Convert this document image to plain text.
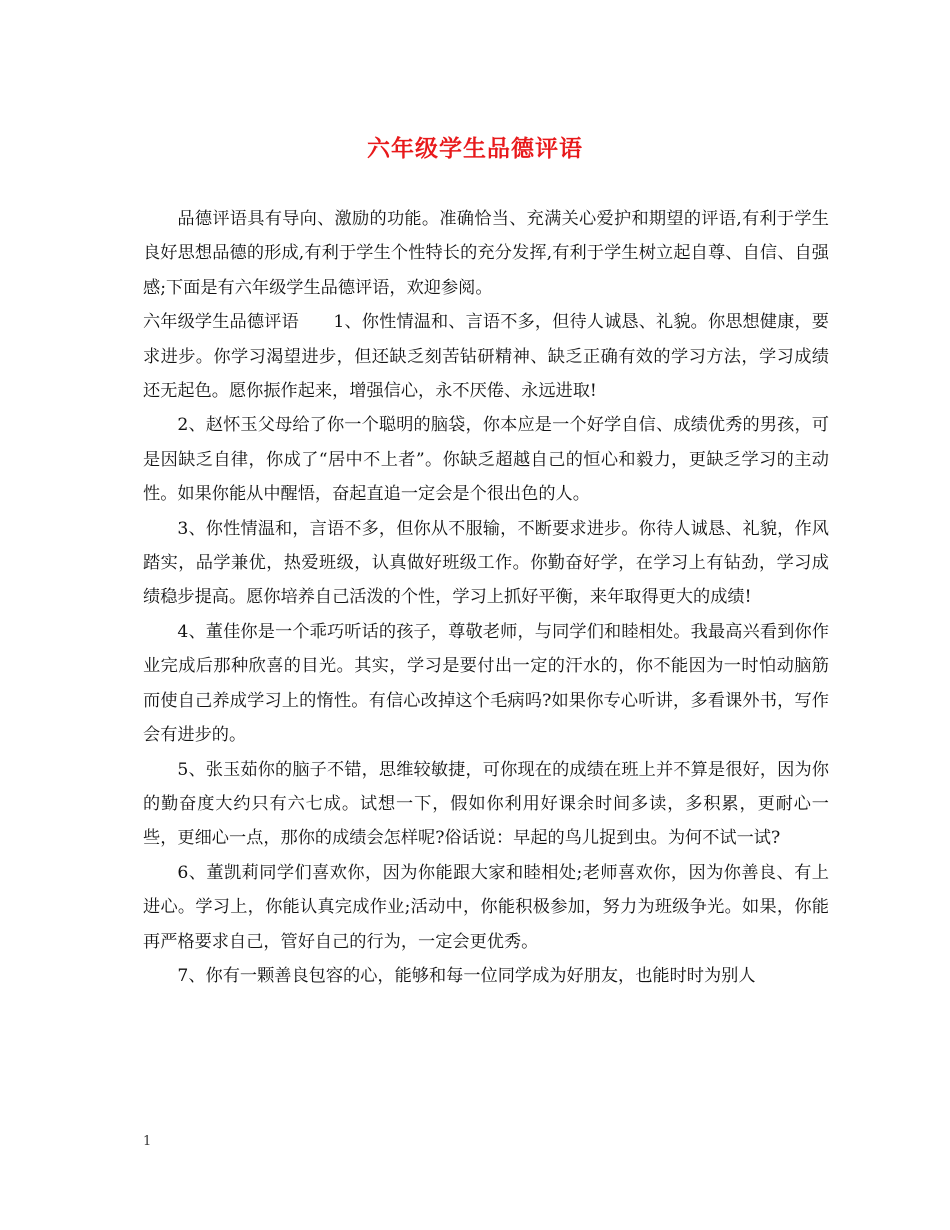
六年级学生品德评语

品德评语具有导向、激励的功能。准确恰当、充满关心爱护和期望的评语,有利于学生良好思想品德的形成,有利于学生个性特长的充分发挥,有利于学生树立起自尊、自信、自强感;下面是有六年级学生品德评语，欢迎参阅。

六年级学生品德评语　　1、你性情温和、言语不多，但待人诚恳、礼貌。你思想健康，要求进步。你学习渴望进步，但还缺乏刻苦钻研精神、缺乏正确有效的学习方法，学习成绩还无起色。愿你振作起来，增强信心，永不厌倦、永远进取!

2、赵怀玉父母给了你一个聪明的脑袋，你本应是一个好学自信、成绩优秀的男孩，可是因缺乏自律，你成了“居中不上者”。你缺乏超越自己的恒心和毅力，更缺乏学习的主动性。如果你能从中醒悟，奋起直追一定会是个很出色的人。

3、你性情温和，言语不多，但你从不服输，不断要求进步。你待人诚恳、礼貌，作风踏实，品学兼优，热爱班级，认真做好班级工作。你勤奋好学，在学习上有钻劲，学习成绩稳步提高。愿你培养自己活泼的个性，学习上抓好平衡，来年取得更大的成绩!

4、董佳你是一个乖巧听话的孩子，尊敬老师，与同学们和睦相处。我最高兴看到你作业完成后那种欣喜的目光。其实，学习是要付出一定的汗水的，你不能因为一时怕动脑筋而使自己养成学习上的惰性。有信心改掉这个毛病吗?如果你专心听讲，多看课外书，写作会有进步的。

5、张玉茹你的脑子不错，思维较敏捷，可你现在的成绩在班上并不算是很好，因为你的勤奋度大约只有六七成。试想一下，假如你利用好课余时间多读，多积累，更耐心一些，更细心一点，那你的成绩会怎样呢?俗话说：早起的鸟儿捉到虫。为何不试一试?

6、董凯莉同学们喜欢你，因为你能跟大家和睦相处;老师喜欢你，因为你善良、有上进心。学习上，你能认真完成作业;活动中，你能积极参加，努力为班级争光。如果，你能再严格要求自己，管好自己的行为，一定会更优秀。

7、你有一颗善良包容的心，能够和每一位同学成为好朋友，也能时时为别人

1
